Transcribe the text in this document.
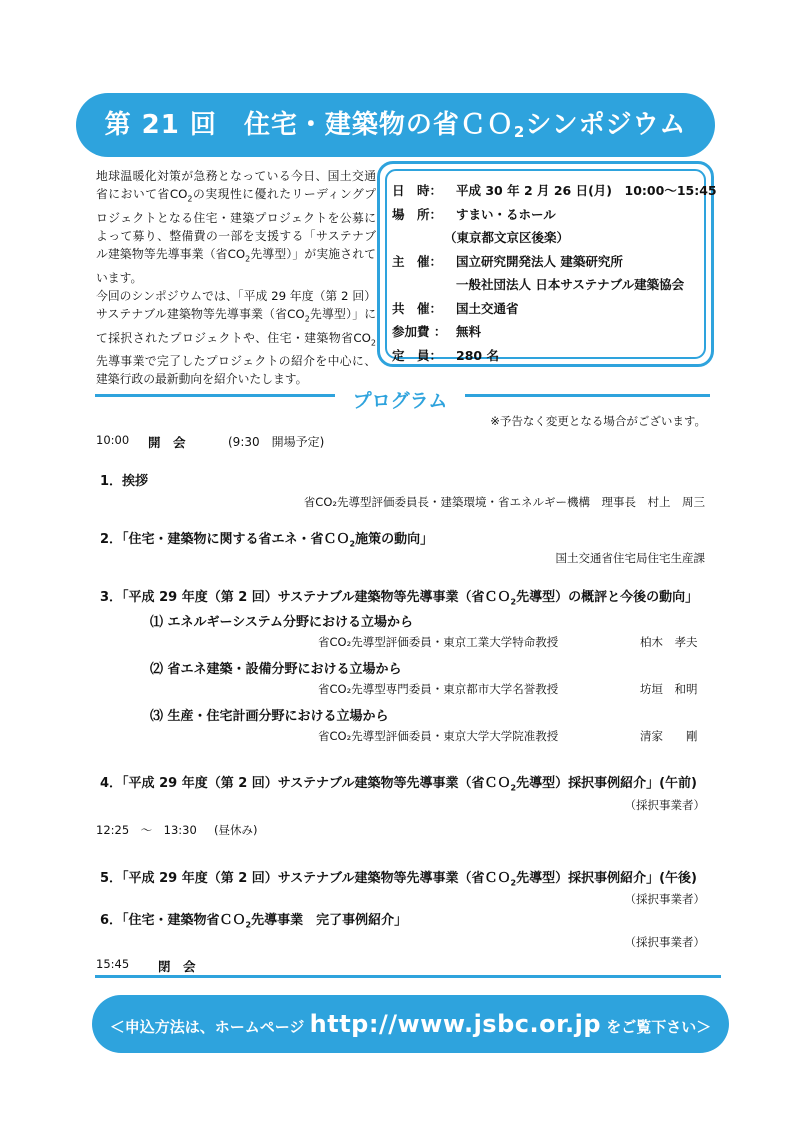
第 21 回　住宅・建築物の省ＣＯ$_2$シンポジウム
地球温暖化対策が急務となっている今日、国土交通省において省$CO_2$の実現性に優れたリーディングプロジェクトとなる住宅・建築プロジェクトを公募によって募り、整備費の一部を支援する「サステナブル建築物等先導事業（省$CO_2$先導型）」が実施されています。
今回のシンポジウムでは、「平成 29 年度（第 2 回）サステナブル建築物等先導事業（省$CO_2$先導型）」にて採択されたプロジェクトや、住宅・建築物省$CO_2$先導事業で完了したプロジェクトの紹介を中心に、建築行政の最新動向を紹介いたします。
日　時： 平成 30 年 2 月 26 日(月)　10:00～15:45
場　所： すまい・るホール
（東京都文京区後楽）
主　催： 国立研究開発法人 建築研究所
一般社団法人 日本サステナブル建築協会
共　催： 国土交通省
参加費 ： 無料
定　員： 280 名
プログラム
※予告なく変更となる場合がございます。
10:00 開　会	(9:30　開場予定)
1．挨拶
省CO₂先導型評価委員長・建築環境・省エネルギー機構　理事長　村上　周三
2．「住宅・建築物に関する省エネ・省ＣＯ$_2$施策の動向」
国土交通省住宅局住宅生産課
3．「平成 29 年度（第 2 回）サステナブル建築物等先導事業（省ＣＯ$_2$先導型）の概評と今後の動向」
⑴ エネルギーシステム分野における立場から
省CO₂先導型評価委員・東京工業大学特命教授	柏木　孝夫
⑵ 省エネ建築・設備分野における立場から
省CO₂先導型専門委員・東京都市大学名誉教授	坊垣　和明
⑶ 生産・住宅計画分野における立場から
省CO₂先導型評価委員・東京大学大学院准教授	清家　　剛
4．「平成 29 年度（第 2 回）サステナブル建築物等先導事業（省ＣＯ$_2$先導型）採択事例紹介」(午前)
（採択事業者）
12:25　～　13:30 (昼休み)
5．「平成 29 年度（第 2 回）サステナブル建築物等先導事業（省ＣＯ$_2$先導型）採択事例紹介」(午後)
（採択事業者）
6．「住宅・建築物省ＣＯ$_2$先導事業　完了事例紹介」
（採択事業者）
15:45 閉　会
＜申込方法は、ホームページ http://www.jsbc.or.jp をご覧下さい＞
